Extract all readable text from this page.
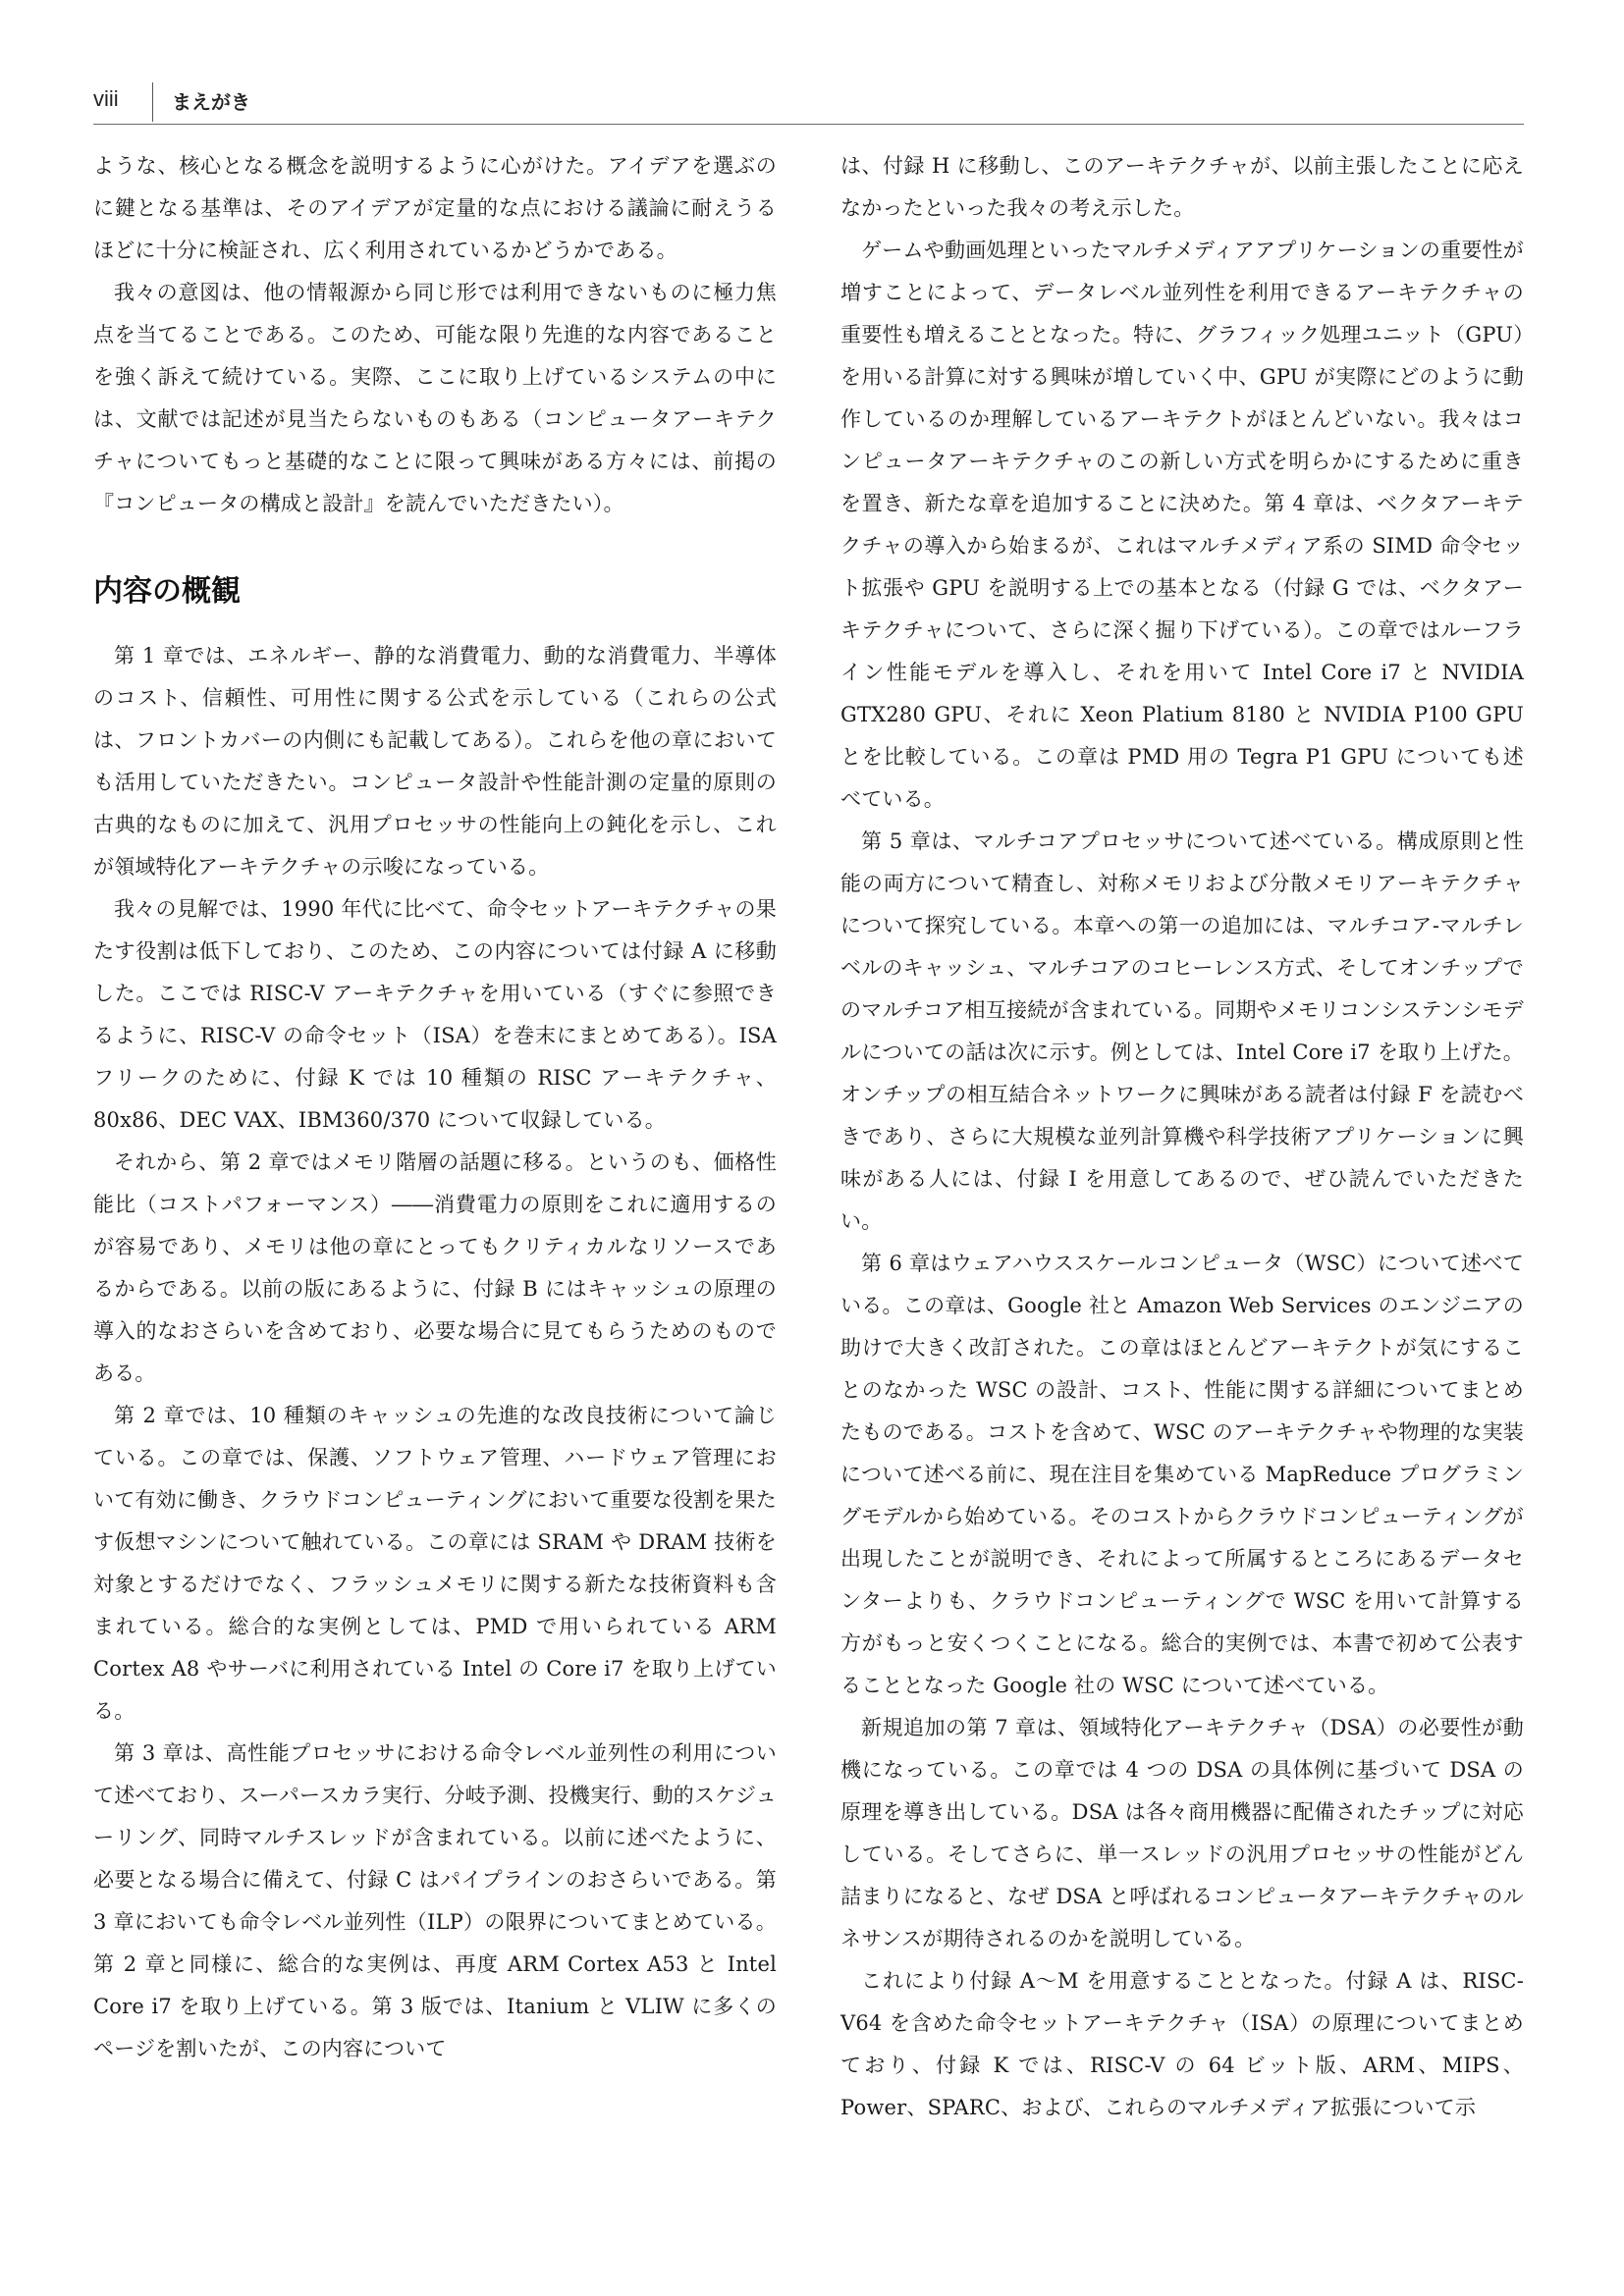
viii	まえがき

ような、核心となる概念を説明するように心がけた。アイデアを選ぶのに鍵となる基準は、そのアイデアが定量的な点における議論に耐えうるほどに十分に検証され、広く利用されているかどうかである。

我々の意図は、他の情報源から同じ形では利用できないものに極力焦点を当てることである。このため、可能な限り先進的な内容であることを強く訴えて続けている。実際、ここに取り上げているシステムの中には、文献では記述が見当たらないものもある（コンピュータアーキテクチャについてもっと基礎的なことに限って興味がある方々には、前掲の『コンピュータの構成と設計』を読んでいただきたい）。

内容の概観

第 1 章では、エネルギー、静的な消費電力、動的な消費電力、半導体のコスト、信頼性、可用性に関する公式を示している（これらの公式は、フロントカバーの内側にも記載してある）。これらを他の章においても活用していただきたい。コンピュータ設計や性能計測の定量的原則の古典的なものに加えて、汎用プロセッサの性能向上の鈍化を示し、これが領域特化アーキテクチャの示唆になっている。

我々の見解では、1990 年代に比べて、命令セットアーキテクチャの果たす役割は低下しており、このため、この内容については付録 A に移動した。ここでは RISC-V アーキテクチャを用いている（すぐに参照できるように、RISC-V の命令セット（ISA）を巻末にまとめてある）。ISA フリークのために、付録 K では 10 種類の RISC アーキテクチャ、80x86、DEC VAX、IBM360/370 について収録している。

それから、第 2 章ではメモリ階層の話題に移る。というのも、価格性能比（コストパフォーマンス）――消費電力の原則をこれに適用するのが容易であり、メモリは他の章にとってもクリティカルなリソースであるからである。以前の版にあるように、付録 B にはキャッシュの原理の導入的なおさらいを含めており、必要な場合に見てもらうためのものである。

第 2 章では、10 種類のキャッシュの先進的な改良技術について論じている。この章では、保護、ソフトウェア管理、ハードウェア管理において有効に働き、クラウドコンピューティングにおいて重要な役割を果たす仮想マシンについて触れている。この章には SRAM や DRAM 技術を対象とするだけでなく、フラッシュメモリに関する新たな技術資料も含まれている。総合的な実例としては、PMD で用いられている ARM Cortex A8 やサーバに利用されている Intel の Core i7 を取り上げている。

第 3 章は、高性能プロセッサにおける命令レベル並列性の利用について述べており、スーパースカラ実行、分岐予測、投機実行、動的スケジューリング、同時マルチスレッドが含まれている。以前に述べたように、必要となる場合に備えて、付録 C はパイプラインのおさらいである。第 3 章においても命令レベル並列性（ILP）の限界についてまとめている。第 2 章と同様に、総合的な実例は、再度 ARM Cortex A53 と Intel Core i7 を取り上げている。第 3 版では、Itanium と VLIW に多くのページを割いたが、この内容について

は、付録 H に移動し、このアーキテクチャが、以前主張したことに応えなかったといった我々の考え示した。

ゲームや動画処理といったマルチメディアアプリケーションの重要性が増すことによって、データレベル並列性を利用できるアーキテクチャの重要性も増えることとなった。特に、グラフィック処理ユニット（GPU）を用いる計算に対する興味が増していく中、GPU が実際にどのように動作しているのか理解しているアーキテクトがほとんどいない。我々はコンピュータアーキテクチャのこの新しい方式を明らかにするために重きを置き、新たな章を追加することに決めた。第 4 章は、ベクタアーキテクチャの導入から始まるが、これはマルチメディア系の SIMD 命令セット拡張や GPU を説明する上での基本となる（付録 G では、ベクタアーキテクチャについて、さらに深く掘り下げている）。この章ではルーフライン性能モデルを導入し、それを用いて Intel Core i7 と NVIDIA GTX280 GPU、それに Xeon Platium 8180 と NVIDIA P100 GPU とを比較している。この章は PMD 用の Tegra P1 GPU についても述べている。

第 5 章は、マルチコアプロセッサについて述べている。構成原則と性能の両方について精査し、対称メモリおよび分散メモリアーキテクチャについて探究している。本章への第一の追加には、マルチコア-マルチレベルのキャッシュ、マルチコアのコヒーレンス方式、そしてオンチップでのマルチコア相互接続が含まれている。同期やメモリコンシステンシモデルについての話は次に示す。例としては、Intel Core i7 を取り上げた。オンチップの相互結合ネットワークに興味がある読者は付録 F を読むべきであり、さらに大規模な並列計算機や科学技術アプリケーションに興味がある人には、付録 I を用意してあるので、ぜひ読んでいただきたい。

第 6 章はウェアハウススケールコンピュータ（WSC）について述べている。この章は、Google 社と Amazon Web Services のエンジニアの助けで大きく改訂された。この章はほとんどアーキテクトが気にすることのなかった WSC の設計、コスト、性能に関する詳細についてまとめたものである。コストを含めて、WSC のアーキテクチャや物理的な実装について述べる前に、現在注目を集めている MapReduce プログラミングモデルから始めている。そのコストからクラウドコンピューティングが出現したことが説明でき、それによって所属するところにあるデータセンターよりも、クラウドコンピューティングで WSC を用いて計算する方がもっと安くつくことになる。総合的実例では、本書で初めて公表することとなった Google 社の WSC について述べている。

新規追加の第 7 章は、領域特化アーキテクチャ（DSA）の必要性が動機になっている。この章では 4 つの DSA の具体例に基づいて DSA の原理を導き出している。DSA は各々商用機器に配備されたチップに対応している。そしてさらに、単一スレッドの汎用プロセッサの性能がどん詰まりになると、なぜ DSA と呼ばれるコンピュータアーキテクチャのルネサンスが期待されるのかを説明している。

これにより付録 A〜M を用意することとなった。付録 A は、RISC-V64 を含めた命令セットアーキテクチャ（ISA）の原理についてまとめており、付録 K では、RISC-V の 64 ビット版、ARM、MIPS、Power、SPARC、および、これらのマルチメディア拡張について示
